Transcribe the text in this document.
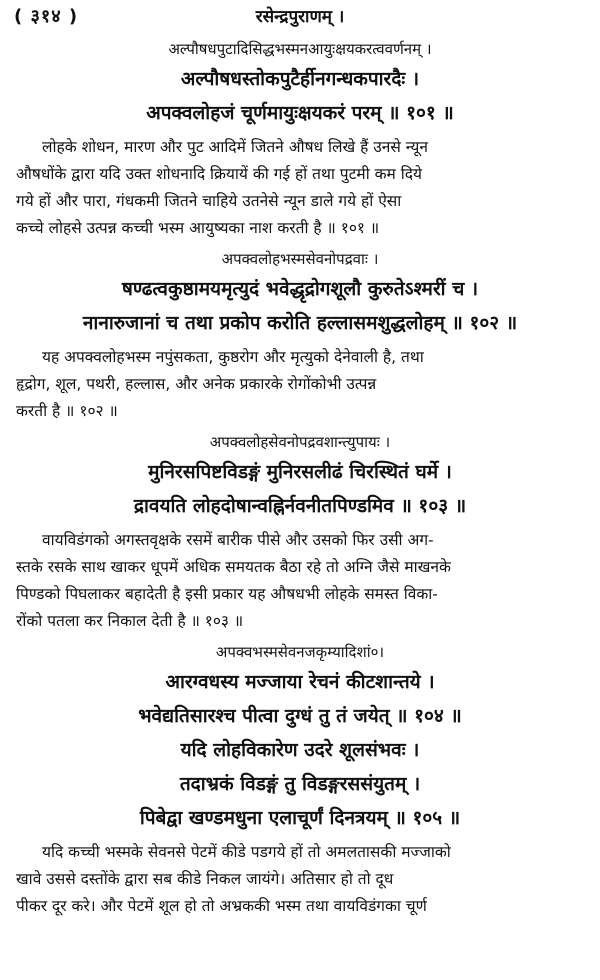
( ३१४ )	रसेन्द्रपुराणम् ।
अल्पौषधपुटादिसिद्धभस्मनआयुःक्षयकरत्ववर्णनम् ।
अल्पौषधस्तोकपुटैर्हीनगन्धकपारदैः ।
अपक्वलोहजं चूर्णमायुःक्षयकरं परम् ॥ १०१ ॥
लोहके शोधन, मारण और पुट आदिमें जितने औषध लिखे हैं उनसे न्यून
औषधोंके द्वारा यदि उक्त शोधनादि क्रियायें की गई हों तथा पुटमी कम दिये
गये हों और पारा, गंधकमी जितने चाहिये उतनेसे न्यून डाले गये हों ऐसा
कच्चे लोहसे उत्पन्न कच्ची भस्म आयुष्यका नाश करती है ॥ १०१ ॥
अपक्वलोहभस्मसेवनोपद्रवाः ।
षण्ढत्वकुष्ठामयमृत्युदं भवेद्धृद्रोगशूलौ कुरुतेऽश्मरीं च ।
नानारुजानां च तथा प्रकोप करोति हल्लासमशुद्धलोहम् ॥ १०२ ॥
यह अपक्वलोहभस्म नपुंसकता, कुष्ठरोग और मृत्युको देनेवाली है, तथा
हृद्रोग, शूल, पथरी, हल्लास, और अनेक प्रकारके रोगोंकोभी उत्पन्न
करती है ॥ १०२ ॥
अपक्वलोहसेवनोपद्रवशान्त्युपायः ।
मुनिरसपिष्टविडङ्गं मुनिरसलीढं चिरस्थितं घर्मे ।
द्रावयति लोहदोषान्वह्निर्नवनीतपिण्डमिव ॥ १०३ ॥
वायविडंगको अगस्तवृक्षके रसमें बारीक पीसे और उसको फिर उसी अग-
स्तके रसके साथ खाकर धूपमें अधिक समयतक बैठा रहे तो अग्नि जैसे माखनके
पिण्डको पिघलाकर बहादेती है इसी प्रकार यह औषधभी लोहके समस्त विका-
रोंको पतला कर निकाल देती है ॥ १०३ ॥
अपक्वभस्मसेवनजकृम्यादिशां०।
आरग्वधस्य मज्जाया रेचनं कीटशान्तये ।
भवेद्यतिसारश्च पीत्वा दुग्धं तु तं जयेत् ॥ १०४ ॥
यदि लोहविकारेण उदरे शूलसंभवः ।
तदाभ्रकं विडङ्गं तु विडङ्गरससंयुतम् ।
पिबेद्वा खण्डमधुना एलाचूर्णं दिनत्रयम् ॥ १०५ ॥
यदि कच्ची भस्मके सेवनसे पेटमें कीडे पडगये हों तो अमलतासकी मज्जाको
खावे उससे दस्तोंके द्वारा सब कीडे निकल जायंगे। अतिसार हो तो दूध
पीकर दूर करे। और पेटमें शूल हो तो अभ्रककी भस्म तथा वायविडंगका चूर्ण
